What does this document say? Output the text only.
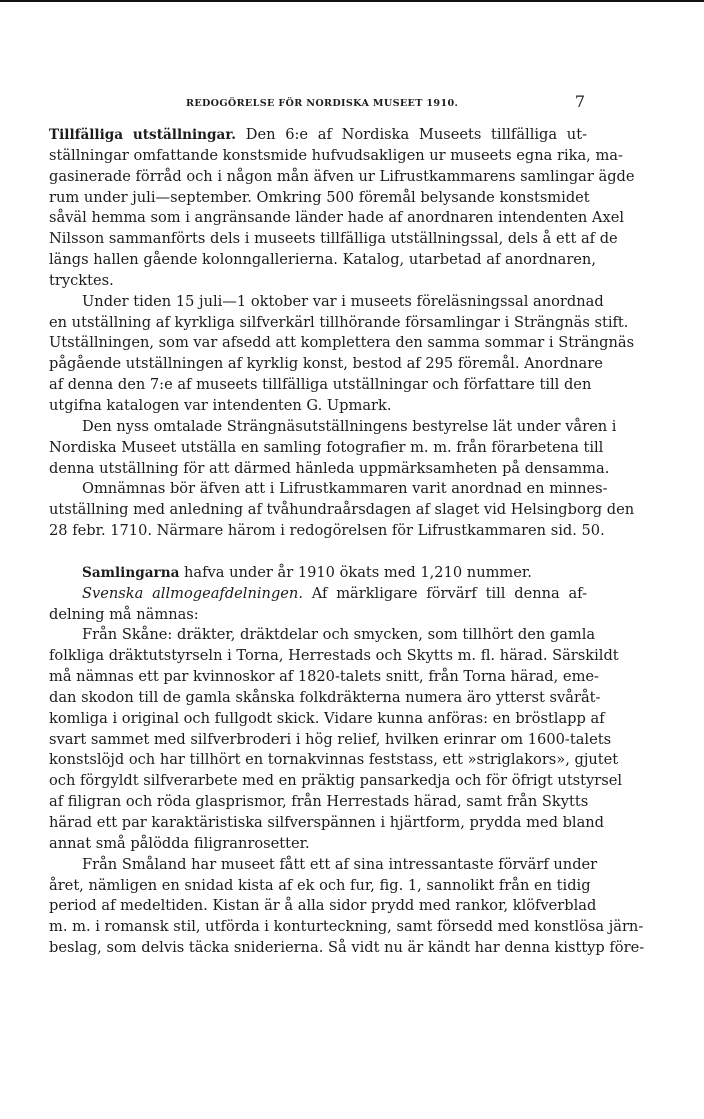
REDOGÖRELSE FÖR NORDISKA MUSEET 1910.	7
Tillfälliga utställningar. Den 6:e af Nordiska Museets tillfälliga ut-
ställningar omfattande konstsmide hufvudsakligen ur museets egna rika, ma-
gasinerade förråd och i någon mån äfven ur Lifrustkammarens samlingar ägde
rum under juli—september. Omkring 500 föremål belysande konstsmidet
såväl hemma som i angränsande länder hade af anordnaren intendenten Axel
Nilsson sammanförts dels i museets tillfälliga utställningssal, dels å ett af de
längs hallen gående kolonngallerierna. Katalog, utarbetad af anordnaren,
trycktes.
Under tiden 15 juli—1 oktober var i museets föreläsningssal anordnad
en utställning af kyrkliga silfverkärl tillhörande församlingar i Strängnäs stift.
Utställningen, som var afsedd att komplettera den samma sommar i Strängnäs
pågående utställningen af kyrklig konst, bestod af 295 föremål. Anordnare
af denna den 7:e af museets tillfälliga utställningar och författare till den
utgifna katalogen var intendenten G. Upmark.
Den nyss omtalade Strängnäsutställningens bestyrelse lät under våren i
Nordiska Museet utställa en samling fotografier m. m. från förarbetena till
denna utställning för att därmed hänleda uppmärksamheten på densamma.
Omnämnas bör äfven att i Lifrustkammaren varit anordnad en minnes-
utställning med anledning af tvåhundraårsdagen af slaget vid Helsingborg den
28 febr. 1710. Närmare härom i redogörelsen för Lifrustkammaren sid. 50.
Samlingarna hafva under år 1910 ökats med 1,210 nummer.
Svenska allmogeafdelningen. Af märkligare förvärf till denna af-
delning må nämnas:
Från Skåne: dräkter, dräktdelar och smycken, som tillhört den gamla
folkliga dräktutstyrseln i Torna, Herrestads och Skytts m. fl. härad. Särskildt
må nämnas ett par kvinnoskor af 1820-talets snitt, från Torna härad, eme-
dan skodon till de gamla skånska folkdräkterna numera äro ytterst svåråt-
komliga i original och fullgodt skick. Vidare kunna anföras: en bröstlapp af
svart sammet med silfverbroderi i hög relief, hvilken erinrar om 1600-talets
konstslöjd och har tillhört en tornakvinnas feststass, ett »striglakors», gjutet
och förgyldt silfverarbete med en präktig pansarkedja och för öfrigt utstyrsel
af filigran och röda glasprismor, från Herrestads härad, samt från Skytts
härad ett par karaktäristiska silfverspännen i hjärtform, prydda med bland
annat små pålödda filigranrosetter.
Från Småland har museet fått ett af sina intressantaste förvärf under
året, nämligen en snidad kista af ek och fur, fig. 1, sannolikt från en tidig
period af medeltiden. Kistan är å alla sidor prydd med rankor, klöfverblad
m. m. i romansk stil, utförda i konturteckning, samt försedd med konstlösa järn-
beslag, som delvis täcka sniderierna. Så vidt nu är kändt har denna kisttyp före-
